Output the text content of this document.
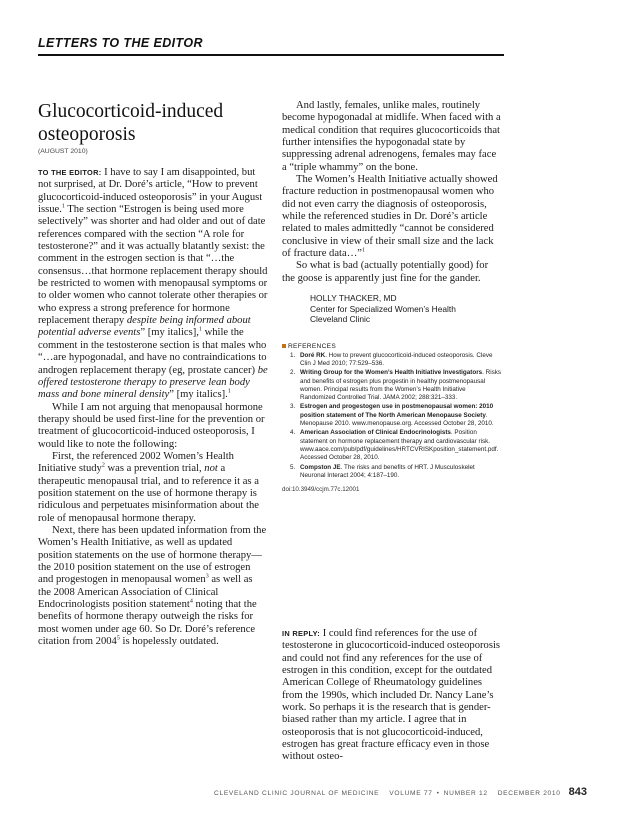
LETTERS TO THE EDITOR
Glucocorticoid-induced osteoporosis
(AUGUST 2010)

TO THE EDITOR: I have to say I am disappointed, but not surprised, at Dr. Doré’s article, “How to prevent glucocorticoid-induced osteoporosis” in your August issue.$^1$ The section “Estrogen is being used more selectively” was shorter and had older and out of date references compared with the section “A role for testosterone?” and it was actually blatantly sexist: the comment in the estrogen section is that “…the consensus…that hormone replacement therapy should be restricted to women with menopausal symptoms or to older women who cannot tolerate other therapies or who express a strong preference for hormone replacement therapy despite being informed about potential adverse events” [my italics],$^1$ while the comment in the testosterone section is that males who “…are hypogonadal, and have no contraindications to androgen replacement therapy (eg, prostate cancer) be offered testosterone therapy to preserve lean body mass and bone mineral density” [my italics].$^1$

While I am not arguing that menopausal hormone therapy should be used first-line for the prevention or treatment of glucocorticoid-induced osteoporosis, I would like to note the following:

First, the referenced 2002 Women’s Health Initiative study$^2$ was a prevention trial, not a therapeutic menopausal trial, and to reference it as a position statement on the use of hormone therapy is ridiculous and perpetuates misinformation about the role of menopausal hormone therapy.

Next, there has been updated information from the Women’s Health Initiative, as well as updated position statements on the use of hormone therapy—the 2010 position statement on the use of estrogen and progestogen in menopausal women$^3$ as well as the 2008 American Association of Clinical Endocrinologists position statement$^4$ noting that the benefits of hormone therapy outweigh the risks for most women under age 60. So Dr. Doré’s reference citation from 2004$^5$ is hopelessly outdated.

And lastly, females, unlike males, routinely become hypogonadal at midlife. When faced with a medical condition that requires glucocorticoids that further intensifies the hypogonadal state by suppressing adrenal adrenogens, females may face a “triple whammy” on the bone.

The Women’s Health Initiative actually showed fracture reduction in postmenopausal women who did not even carry the diagnosis of osteoporosis, while the referenced studies in Dr. Doré’s article related to males admittedly “cannot be considered conclusive in view of their small size and the lack of fracture data…”$^1$

So what is bad (actually potentially good) for the goose is apparently just fine for the gander.

HOLLY THACKER, MD
Center for Specialized Women’s Health
Cleveland Clinic
REFERENCES
1. Doré RK. How to prevent glucocorticoid-induced osteoporosis. Cleve Clin J Med 2010; 77:529–536.
2. Writing Group for the Women’s Health Initiative Investigators. Risks and benefits of estrogen plus progestin in healthy postmenopausal women. Principal results from the Women’s Health Initiative Randomized Controlled Trial. JAMA 2002; 288:321–333.
3. Estrogen and progestogen use in postmenopausal women: 2010 position statement of The North American Menopause Society. Menopause 2010. www.menopause.org. Accessed October 28, 2010.
4. American Association of Clinical Endocrinologists. Position statement on hormone replacement therapy and cardiovascular risk. www.aace.com/pub/pdf/guidelines/HRTCVRISKposition_statement.pdf. Accessed October 28, 2010.
5. Compston JE. The risks and benefits of HRT. J Musculoskelet Neuronal Interact 2004; 4:187–190.
doi:10.3949/ccjm.77c.12001

IN REPLY: I could find references for the use of testosterone in glucocorticoid-induced osteoporosis and could not find any references for the use of estrogen in this condition, except for the outdated American College of Rheumatology guidelines from the 1990s, which included Dr. Nancy Lane’s work. So perhaps it is the research that is gender-biased rather than my article. I agree that in osteoporosis that is not glucocorticoid-induced, estrogen has great fracture efficacy even in those without osteo-

CLEVELAND CLINIC JOURNAL OF MEDICINE VOLUME 77 • NUMBER 12 DECEMBER 2010 843
